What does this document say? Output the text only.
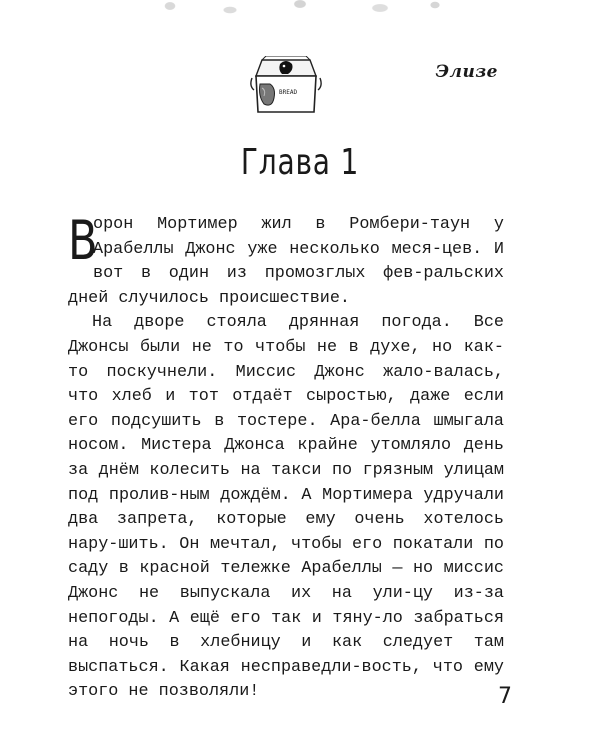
BREAD
Элизе
Глава 1

В
орон Мортимер жил в Ромбери-таун у Арабеллы Джонс уже несколько меся-цев. И вот в один из промозглых фев-ральских дней случилось происшествие.

На дворе стояла дрянная погода. Все Джонсы были не то чтобы не в духе, но как-то поскучнели. Миссис Джонс жало-валась, что хлеб и тот отдаёт сыростью, даже если его подсушить в тостере. Ара-белла шмыгала носом. Мистера Джонса крайне утомляло день за днём колесить на такси по грязным улицам под пролив-ным дождём. А Мортимера удручали два запрета, которые ему очень хотелось нару-шить. Он мечтал, чтобы его покатали по саду в красной тележке Арабеллы — но миссис Джонс не выпускала их на ули-цу из-за непогоды. А ещё его так и тяну-ло забраться на ночь в хлебницу и как следует там выспаться. Какая несправедли-вость, что ему этого не позволяли!	7
